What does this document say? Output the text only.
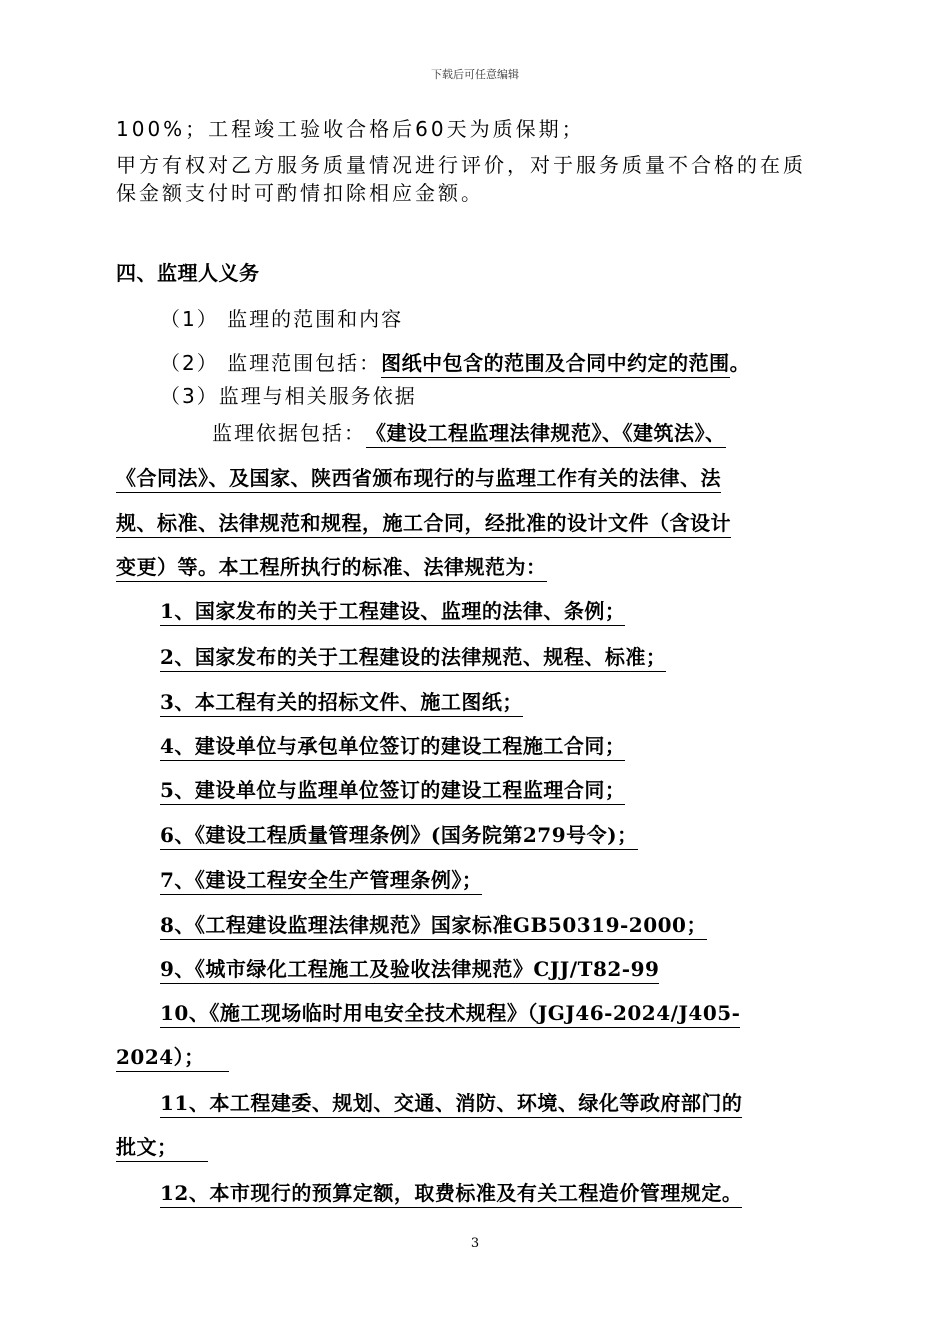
下载后可任意编辑
100%；工程竣工验收合格后60天为质保期；
甲方有权对乙方服务质量情况进行评价，对于服务质量不合格的在质
保金额支付时可酌情扣除相应金额。
四、监理人义务
（1） 监理的范围和内容
（2） 监理范围包括：图纸中包含的范围及合同中约定的范围。
（3）监理与相关服务依据
监理依据包括：《建设工程监理法律规范》、《建筑法》、
《合同法》、及国家、陕西省颁布现行的与监理工作有关的法律、法
规、标准、法律规范和规程，施工合同，经批准的设计文件（含设计
变更）等。本工程所执行的标准、法律规范为：
1、国家发布的关于工程建设、监理的法律、条例；
2、国家发布的关于工程建设的法律规范、规程、标准；
3、本工程有关的招标文件、施工图纸；
4、建设单位与承包单位签订的建设工程施工合同；
5、建设单位与监理单位签订的建设工程监理合同；
6、《建设工程质量管理条例》(国务院第279号令)；
7、《建设工程安全生产管理条例》；
8、《工程建设监理法律规范》国家标准GB50319-2000；
9、《城市绿化工程施工及验收法律规范》CJJ/T82-99
10、《施工现场临时用电安全技术规程》（JGJ46-2024/J405-
2024）；
11、本工程建委、规划、交通、消防、环境、绿化等政府部门的
批文；
12、本市现行的预算定额，取费标准及有关工程造价管理规定。
3
